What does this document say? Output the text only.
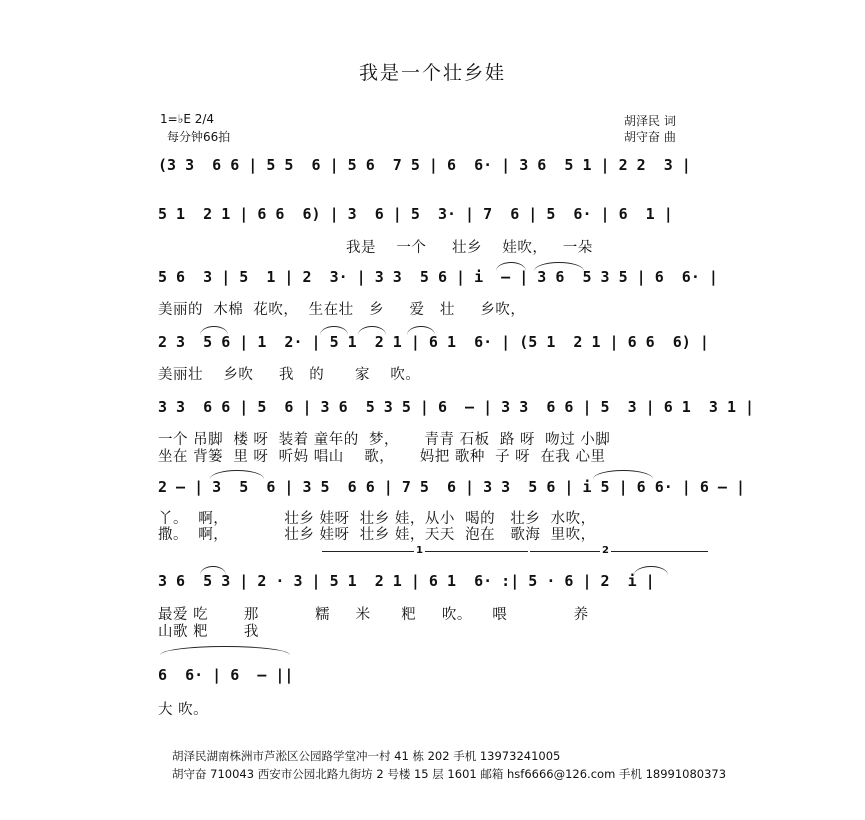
我是一个壮乡娃
1=♭E 2/4
每分钟66拍
胡泽民 词
胡守奋 曲
(3 3  6 6 | 5 5  6 | 5 6  7 5 | 6  6· | 3 6  5 1 | 2 2  3 |
5 1  2 1 | 6 6  6) | 3  6 | 5  3· | 7  6 | 5  6· | 6  1 |
我是    一个     壮乡    娃吹，   一朵
5 6  3 | 5  1 | 2  3· | 3 3  5 6 | i  — | 3 6  5 3 5 | 6  6· |
美丽的  木棉  花吹，  生在壮   乡     爱   壮     乡吹，
2 3  5 6 | 1  2· | 5 1  2 1 | 6 1  6· | (5 1  2 1 | 6 6  6) |
美丽壮    乡吹     我   的      家    吹。
3 3  6 6 | 5  6 | 3 6  5 3 5 | 6  — | 3 3  6 6 | 5  3 | 6 1  3 1 |
一个 吊脚  楼 呀  装着 童年的  梦，     青青 石板  路 呀  吻过 小脚
坐在 背篓  里 呀  听妈 唱山    歌，     妈把 歌种  子 呀  在我 心里
2 — | 3  5  6 | 3 5  6 6 | 7 5  6 | 3 3  5 6 | i 5 | 6 6· | 6 — |
丫。  啊，           壮乡 娃呀  壮乡 娃，从小  喝的   壮乡  水吹，
撒。  啊，           壮乡 娃呀  壮乡 娃，天天  泡在   歌海  里吹，
1	2
3 6  5 3 | 2 · 3 | 5 1  2 1 | 6 1  6· :| 5 · 6 | 2  i |
最爱 吃       那           糯     米      粑     吹。    喂             养
山歌 粑       我
6  6· | 6  — ||
大 吹。
胡泽民湖南株洲市芦淞区公园路学堂冲一村 41 栋 202 手机 13973241005
胡守奋 710043 西安市公园北路九街坊 2 号楼 15 层 1601 邮箱 hsf6666@126.com 手机 18991080373
